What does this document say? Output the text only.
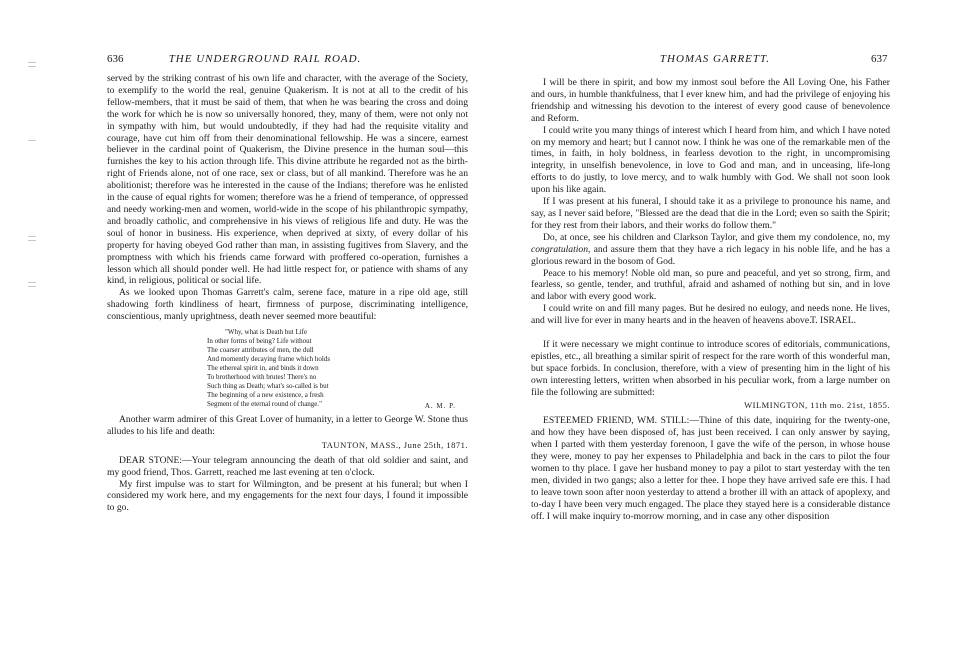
636	THE UNDERGROUND RAIL ROAD.

served by the striking contrast of his own life and character, with the average of the Society, to exemplify to the world the real, genuine Quakerism. It is not at all to the credit of his fellow-members, that it must be said of them, that when he was bearing the cross and doing the work for which he is now so universally honored, they, many of them, were not only not in sympathy with him, but would undoubtedly, if they had had the requisite vitality and courage, have cut him off from their denominational fellowship. He was a sincere, earnest believer in the cardinal point of Quakerism, the Divine presence in the human soul—this furnishes the key to his action through life. This divine attribute he regarded not as the birth-right of Friends alone, not of one race, sex or class, but of all mankind. Therefore was he an abolitionist; therefore was he interested in the cause of the Indians; therefore was he enlisted in the cause of equal rights for women; therefore was he a friend of temperance, of oppressed and needy working-men and women, world-wide in the scope of his philanthropic sympathy, and broadly catholic, and comprehensive in his views of religious life and duty. He was the soul of honor in business. His experience, when deprived at sixty, of every dollar of his property for having obeyed God rather than man, in assisting fugitives from Slavery, and the promptness with which his friends came forward with proffered co-operation, furnishes a lesson which all should ponder well. He had little respect for, or patience with shams of any kind, in religious, political or social life.

As we looked upon Thomas Garrett's calm, serene face, mature in a ripe old age, still shadowing forth kindliness of heart, firmness of purpose, discriminating intelligence, conscientious, manly uprightness, death never seemed more beautiful:

"Why, what is Death but Life
In other forms of being? Life without
The coarser attributes of men, the dull
And momently decaying frame which holds
The ethereal spirit in, and binds it down
To brotherhood with brutes! There's no
Such thing as Death; what's so-called is but
The beginning of a new existence, a fresh
Segment of the eternal round of change."	A. M. P.

Another warm admirer of this Great Lover of humanity, in a letter to George W. Stone thus alludes to his life and death:

TAUNTON, MASS., June 25th, 1871.

DEAR STONE:—Your telegram announcing the death of that old soldier and saint, and my good friend, Thos. Garrett, reached me last evening at ten o'clock.

My first impulse was to start for Wilmington, and be present at his funeral; but when I considered my work here, and my engagements for the next four days, I found it impossible to go.

THOMAS GARRETT.	637

I will be there in spirit, and bow my inmost soul before the All Loving One, his Father and ours, in humble thankfulness, that I ever knew him, and had the privilege of enjoying his friendship and witnessing his devotion to the interest of every good cause of benevolence and Reform.

I could write you many things of interest which I heard from him, and which I have noted on my memory and heart; but I cannot now. I think he was one of the remarkable men of the times, in faith, in holy boldness, in fearless devotion to the right, in uncompromising integrity, in unselfish benevolence, in love to God and man, and in unceasing, life-long efforts to do justly, to love mercy, and to walk humbly with God. We shall not soon look upon his like again.

If I was present at his funeral, I should take it as a privilege to pronounce his name, and say, as I never said before, "Blessed are the dead that die in the Lord; even so saith the Spirit; for they rest from their labors, and their works do follow them."

Do, at once, see his children and Clarkson Taylor, and give them my condolence, no, my congratulation, and assure them that they have a rich legacy in his noble life, and he has a glorious reward in the bosom of God.

Peace to his memory! Noble old man, so pure and peaceful, and yet so strong, firm, and fearless, so gentle, tender, and truthful, afraid and ashamed of nothing but sin, and in love and labor with every good work.

I could write on and fill many pages. But he desired no eulogy, and needs none. He lives, and will live for ever in many hearts and in the heaven of heavens above.

T. ISRAEL.

If it were necessary we might continue to introduce scores of editorials, communications, epistles, etc., all breathing a similar spirit of respect for the rare worth of this wonderful man, but space forbids. In conclusion, therefore, with a view of presenting him in the light of his own interesting letters, written when absorbed in his peculiar work, from a large number on file the following are submitted:

WILMINGTON, 11th mo. 21st, 1855.

ESTEEMED FRIEND, WM. STILL:—Thine of this date, inquiring for the twenty-one, and how they have been disposed of, has just been received. I can only answer by saying, when I parted with them yesterday forenoon, I gave the wife of the person, in whose house they were, money to pay her expenses to Philadelphia and back in the cars to pilot the four women to thy place. I gave her husband money to pay a pilot to start yesterday with the ten men, divided in two gangs; also a letter for thee. I hope they have arrived safe ere this. I had to leave town soon after noon yesterday to attend a brother ill with an attack of apoplexy, and to-day I have been very much engaged. The place they stayed here is a considerable distance off. I will make inquiry to-morrow morning, and in case any other disposition
